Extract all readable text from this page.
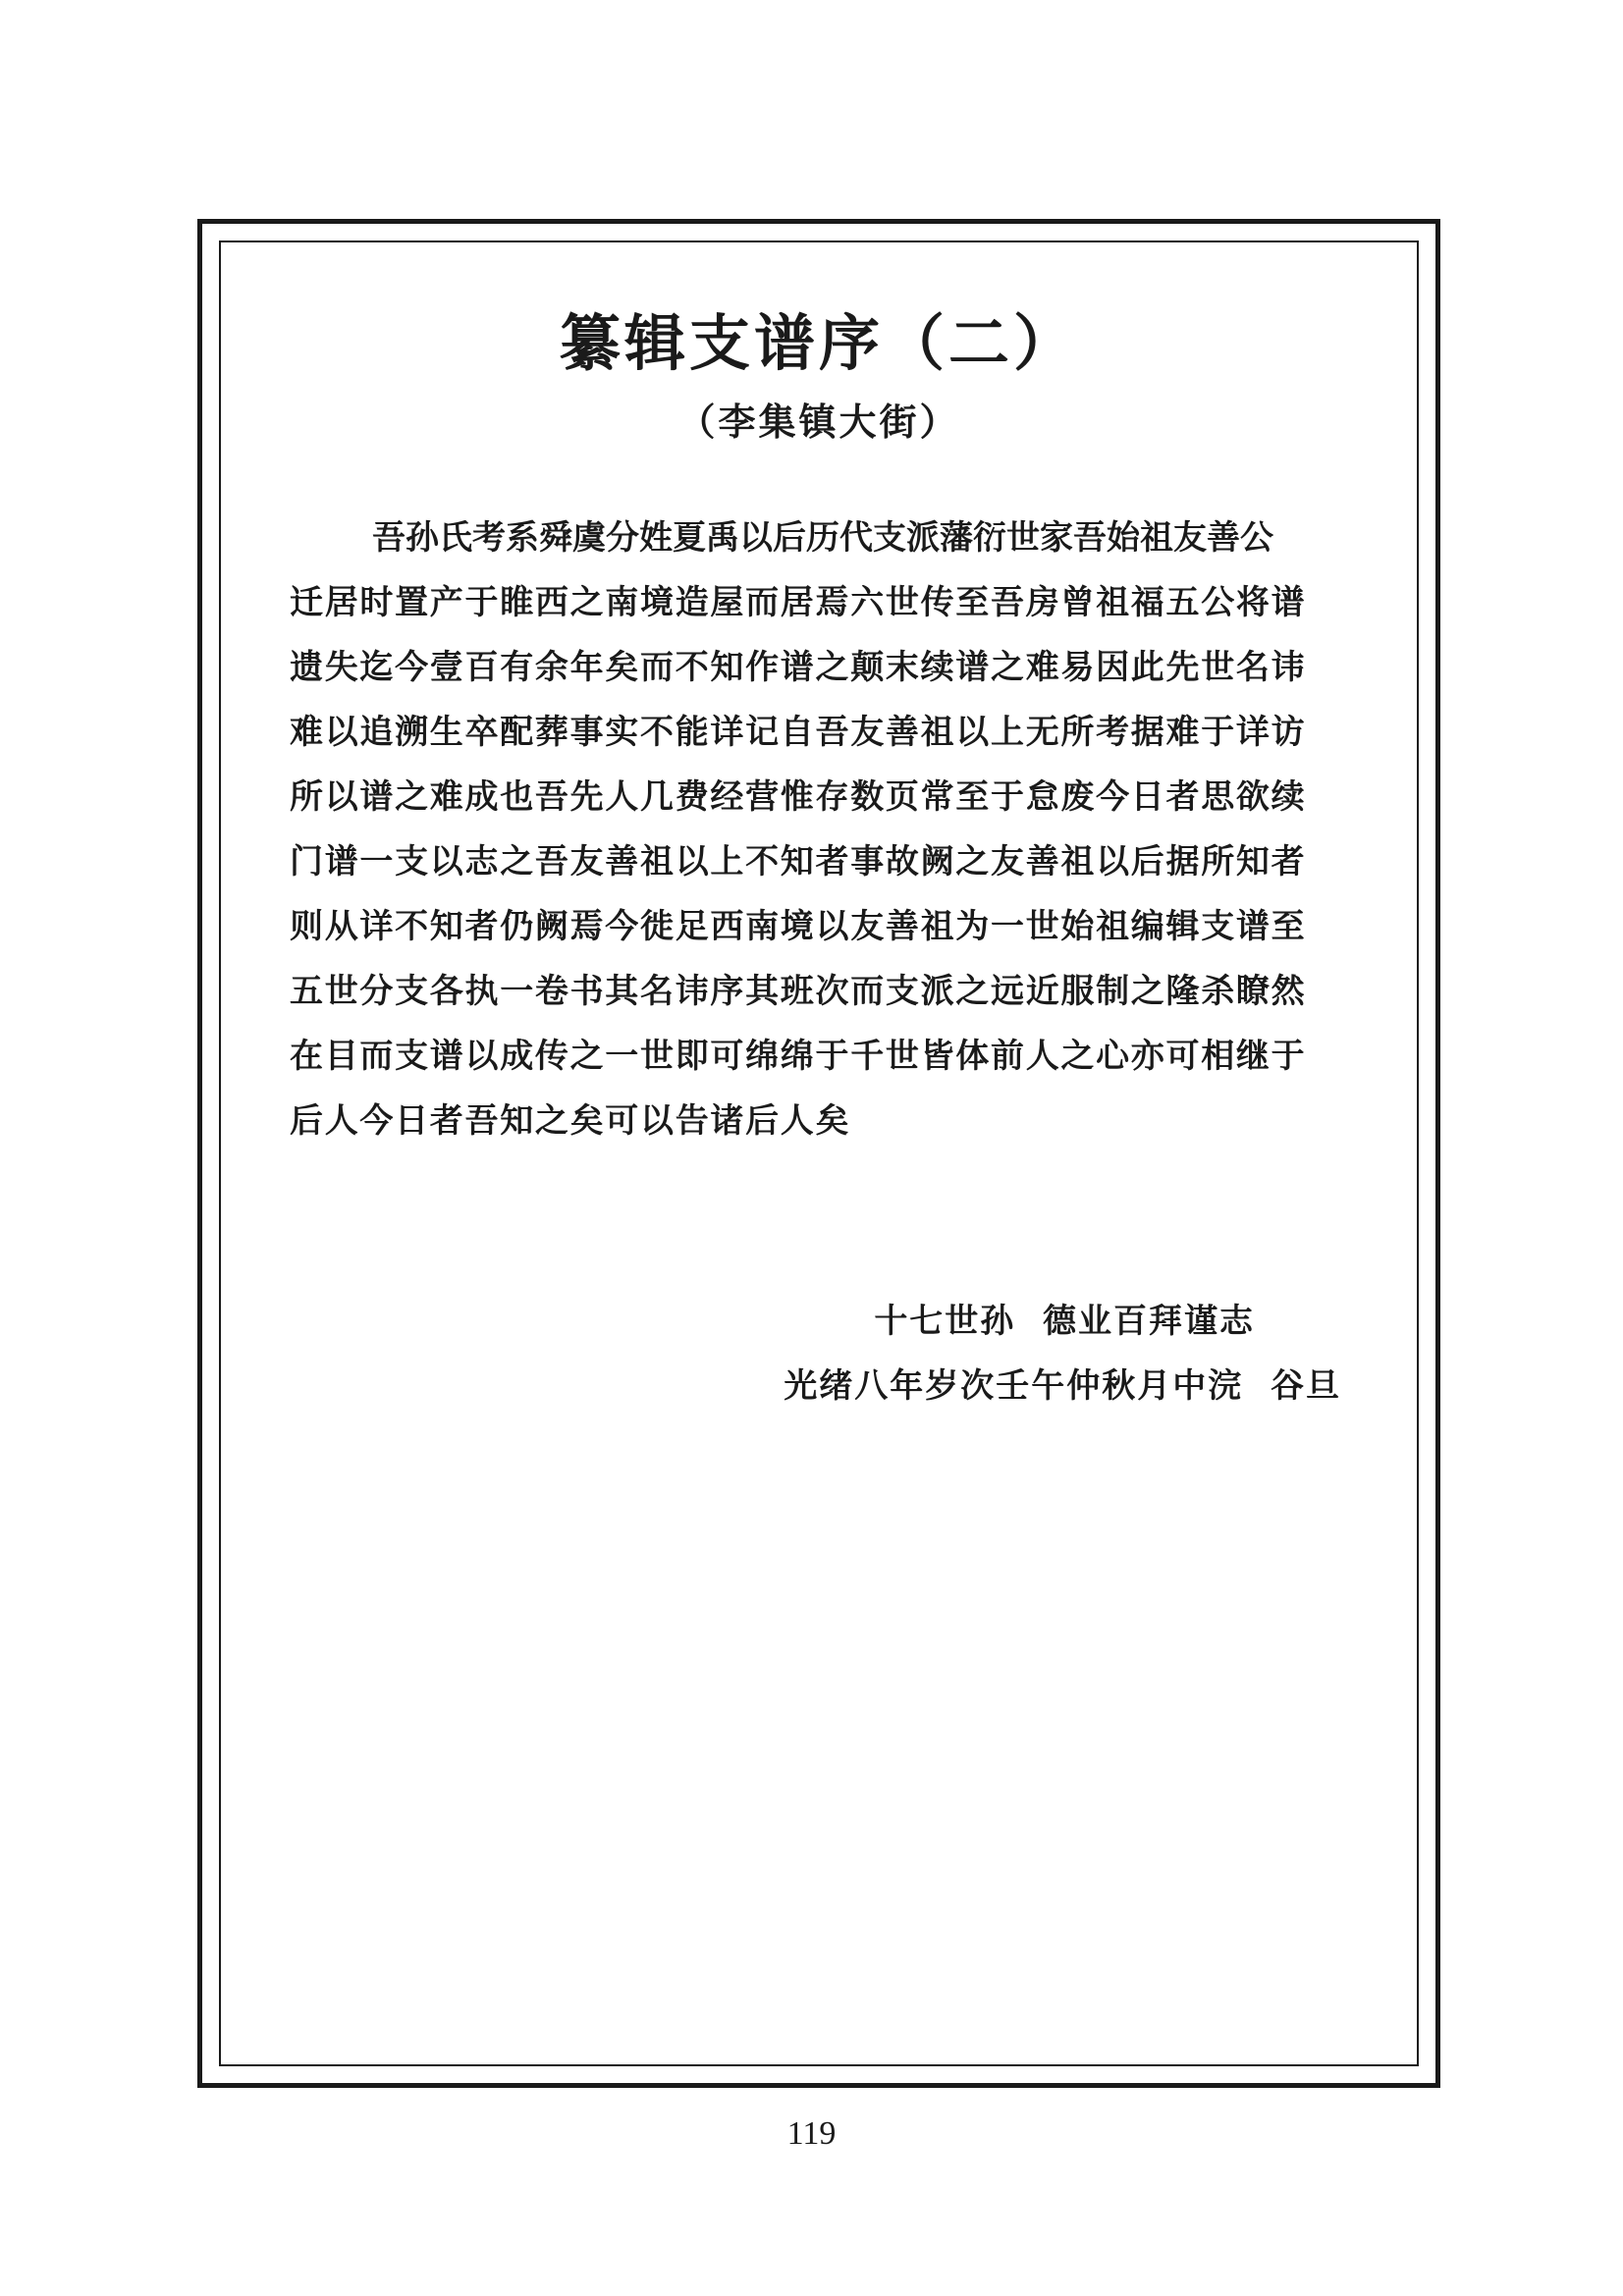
纂辑支谱序（二）
（李集镇大街）
吾孙氏考系舜虞分姓夏禹以后历代支派藩衍世家吾始祖友善公
迁居时置产于睢西之南境造屋而居焉六世传至吾房曾祖福五公将谱
遗失迄今壹百有余年矣而不知作谱之颠末续谱之难易因此先世名讳
难以追溯生卒配葬事实不能详记自吾友善祖以上无所考据难于详访
所以谱之难成也吾先人几费经营惟存数页常至于怠废今日者思欲续
门谱一支以志之吾友善祖以上不知者事故阙之友善祖以后据所知者
则从详不知者仍阙焉今徙足西南境以友善祖为一世始祖编辑支谱至
五世分支各执一卷书其名讳序其班次而支派之远近服制之隆杀瞭然
在目而支谱以成传之一世即可绵绵于千世皆体前人之心亦可相继于
后人今日者吾知之矣可以告诸后人矣
十七世孙  德业百拜谨志
光绪八年岁次壬午仲秋月中浣  谷旦
119
